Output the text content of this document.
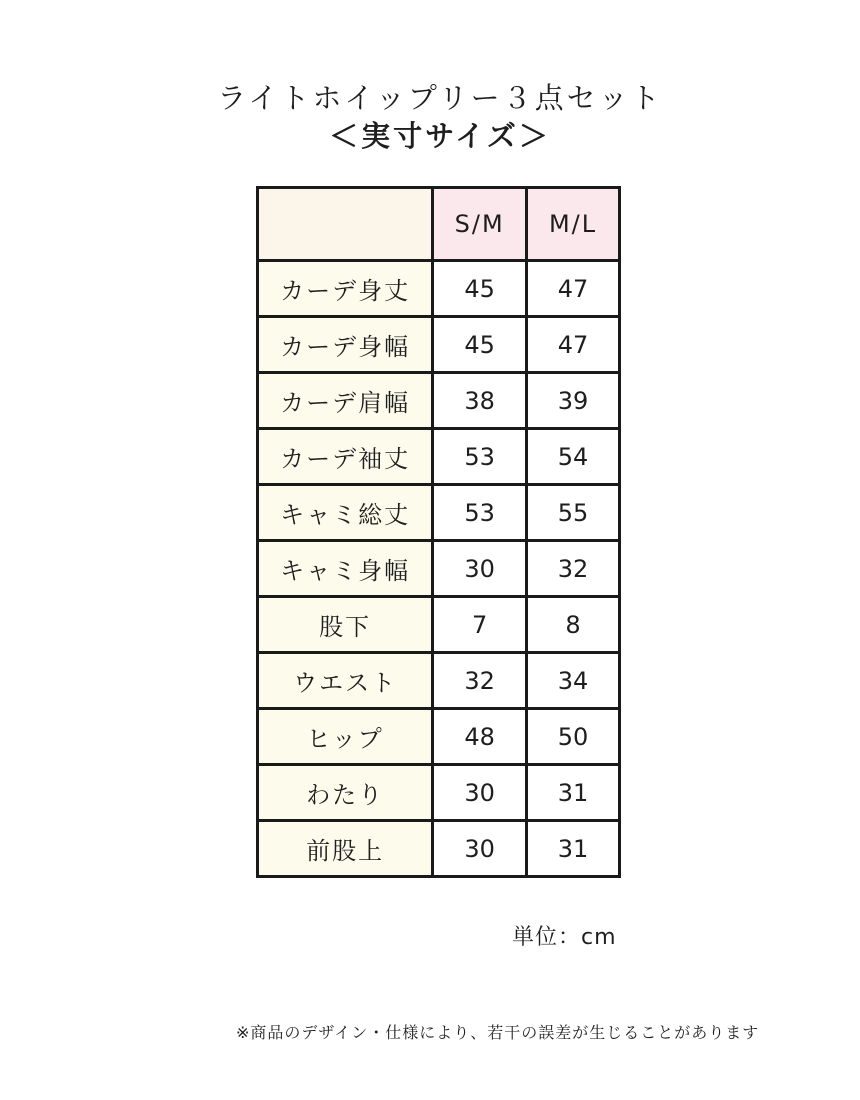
ライトホイップリー３点セット
＜実寸サイズ＞
	S/M	M/L
カーデ身丈	45	47
カーデ身幅	45	47
カーデ肩幅	38	39
カーデ袖丈	53	54
キャミ総丈	53	55
キャミ身幅	30	32
股下	7	8
ウエスト	32	34
ヒップ	48	50
わたり	30	31
前股上	30	31
単位：cm
※商品のデザイン・仕様により、若干の誤差が生じることがあります
